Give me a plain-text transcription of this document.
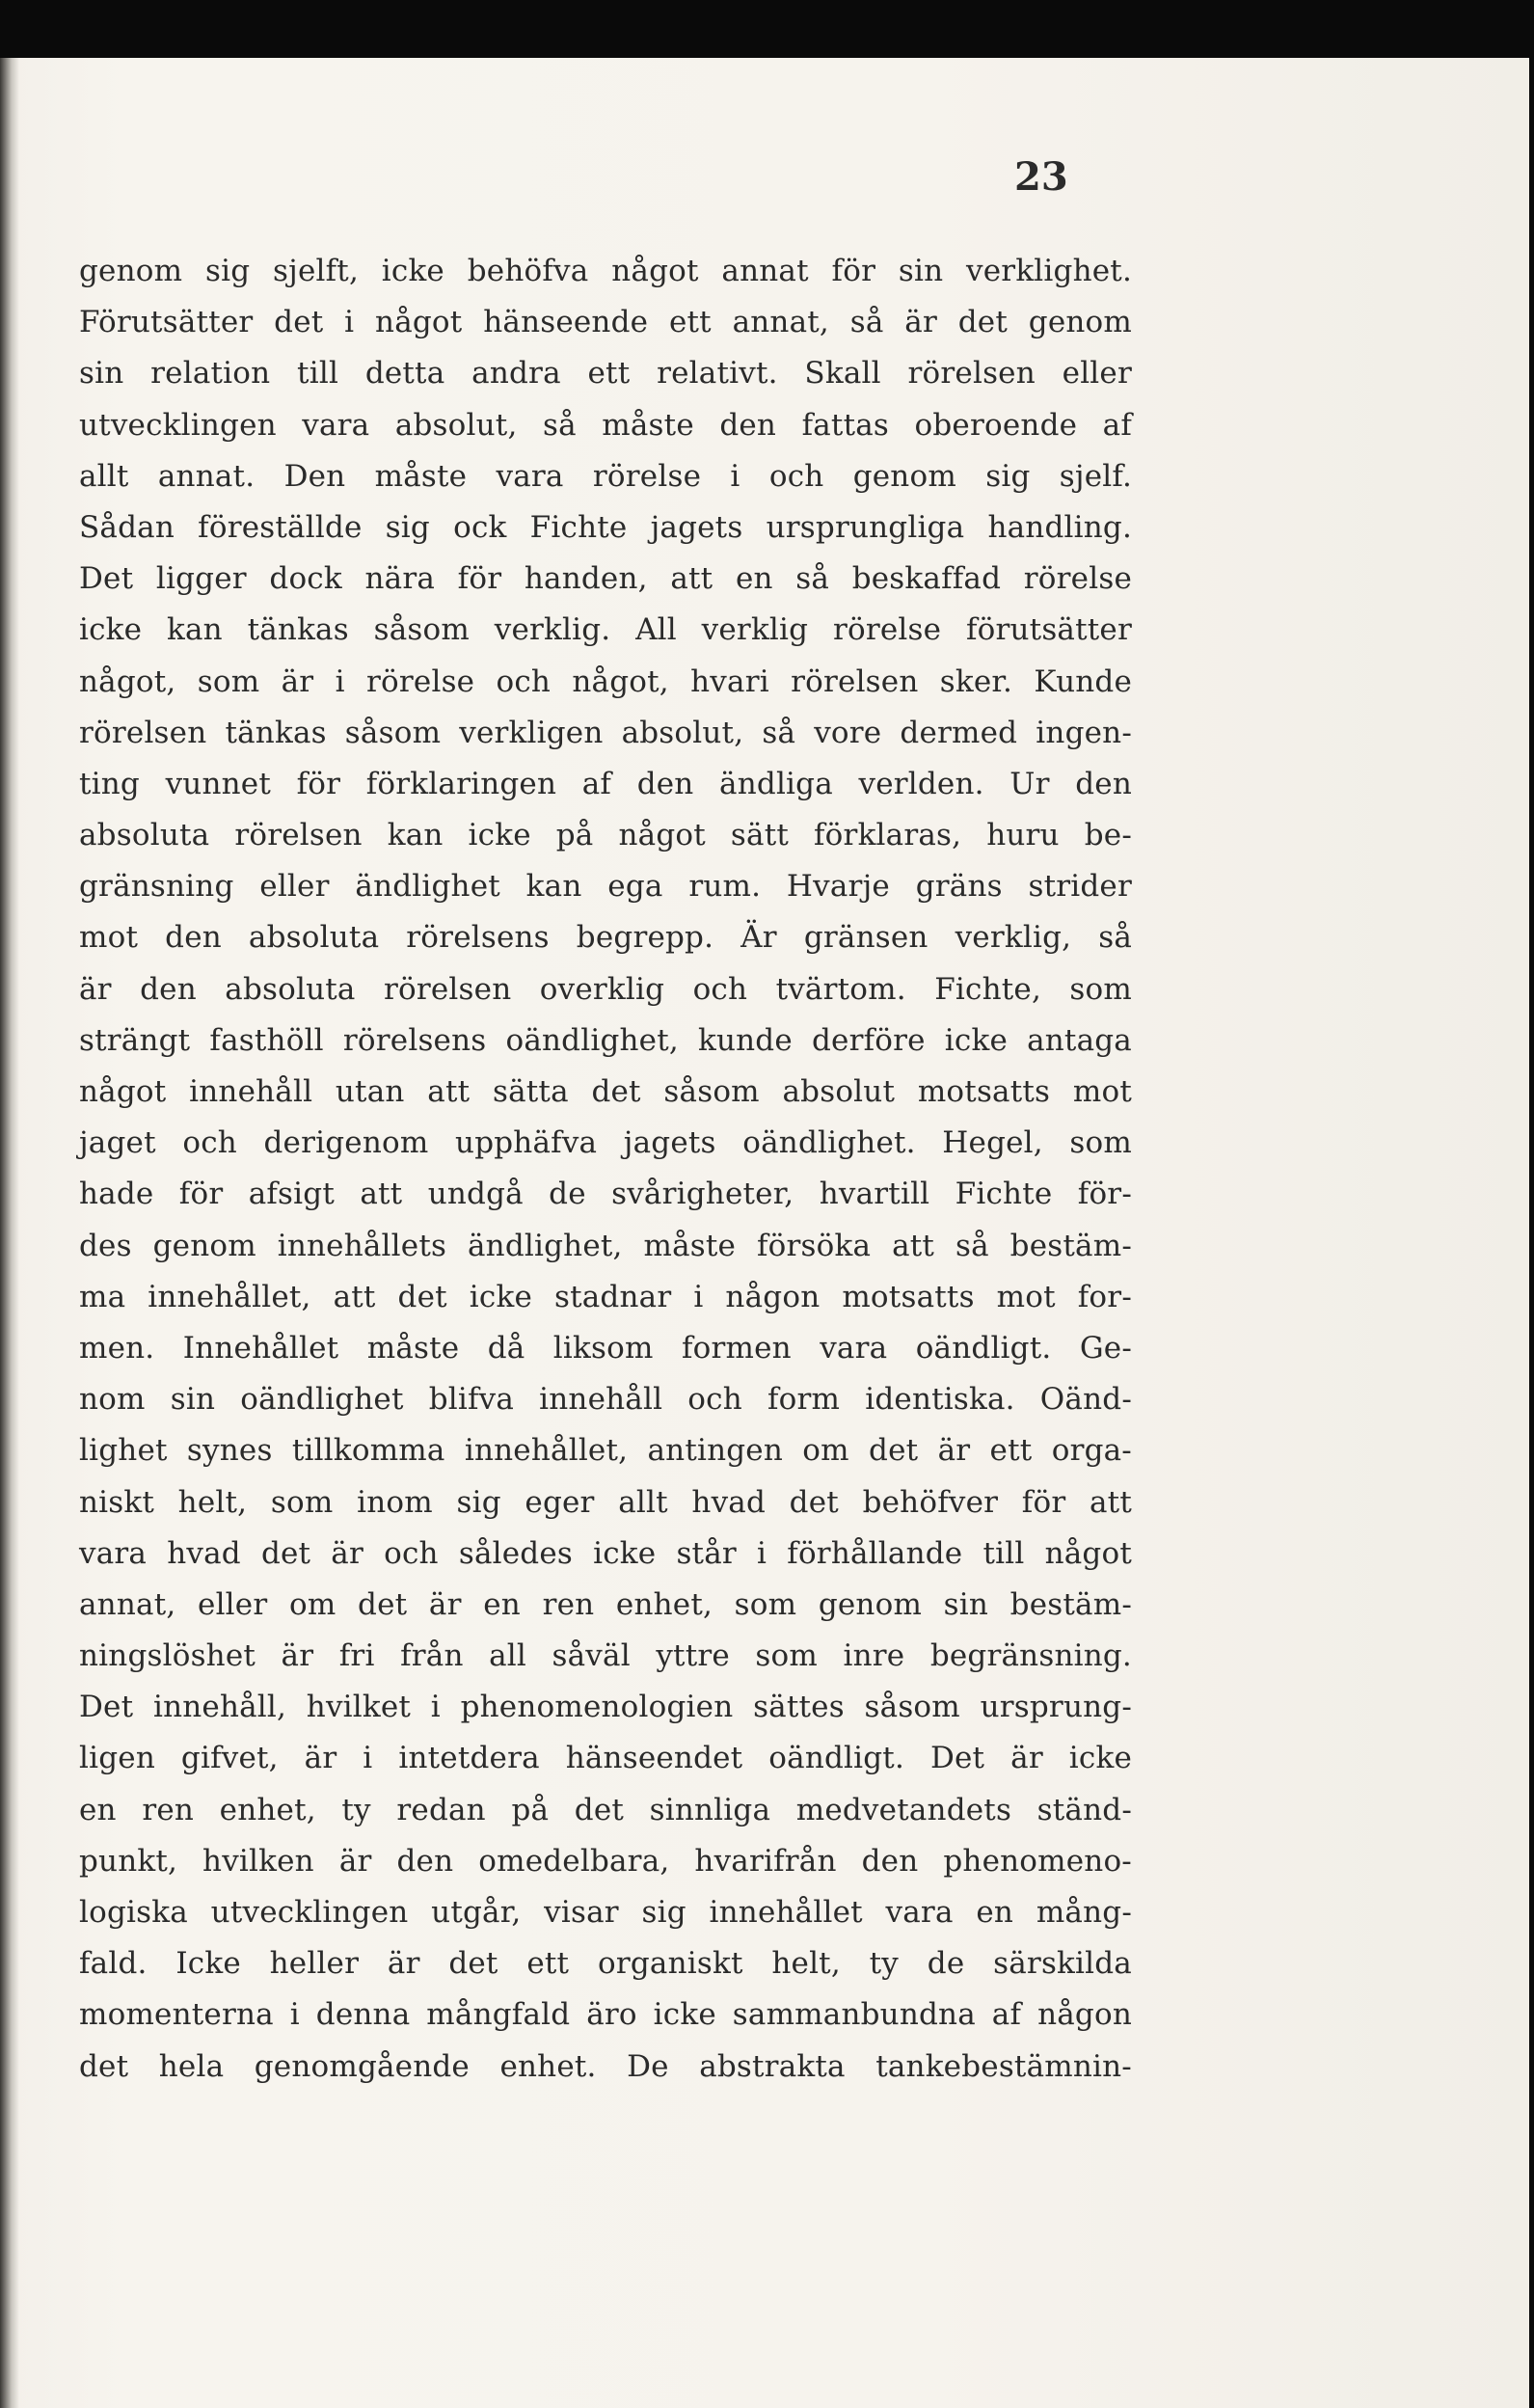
23
genom sig sjelft, icke behöfva något annat för sin verklighet.
Förutsätter det i något hänseende ett annat, så är det genom
sin relation till detta andra ett relativt. Skall rörelsen eller
utvecklingen vara absolut, så måste den fattas oberoende af
allt annat. Den måste vara rörelse i och genom sig sjelf.
Sådan föreställde sig ock Fichte jagets ursprungliga handling.
Det ligger dock nära för handen, att en så beskaffad rörelse
icke kan tänkas såsom verklig. All verklig rörelse förutsätter
något, som är i rörelse och något, hvari rörelsen sker. Kunde
rörelsen tänkas såsom verkligen absolut, så vore dermed ingen-
ting vunnet för förklaringen af den ändliga verlden. Ur den
absoluta rörelsen kan icke på något sätt förklaras, huru be-
gränsning eller ändlighet kan ega rum. Hvarje gräns strider
mot den absoluta rörelsens begrepp. Är gränsen verklig, så
är den absoluta rörelsen overklig och tvärtom. Fichte, som
strängt fasthöll rörelsens oändlighet, kunde derföre icke antaga
något innehåll utan att sätta det såsom absolut motsatts mot
jaget och derigenom upphäfva jagets oändlighet. Hegel, som
hade för afsigt att undgå de svårigheter, hvartill Fichte för-
des genom innehållets ändlighet, måste försöka att så bestäm-
ma innehållet, att det icke stadnar i någon motsatts mot for-
men. Innehållet måste då liksom formen vara oändligt. Ge-
nom sin oändlighet blifva innehåll och form identiska. Oänd-
lighet synes tillkomma innehållet, antingen om det är ett orga-
niskt helt, som inom sig eger allt hvad det behöfver för att
vara hvad det är och således icke står i förhållande till något
annat, eller om det är en ren enhet, som genom sin bestäm-
ningslöshet är fri från all såväl yttre som inre begränsning.
Det innehåll, hvilket i phenomenologien sättes såsom ursprung-
ligen gifvet, är i intetdera hänseendet oändligt. Det är icke
en ren enhet, ty redan på det sinnliga medvetandets ständ-
punkt, hvilken är den omedelbara, hvarifrån den phenomeno-
logiska utvecklingen utgår, visar sig innehållet vara en mång-
fald. Icke heller är det ett organiskt helt, ty de särskilda
momenterna i denna mångfald äro icke sammanbundna af någon
det hela genomgående enhet. De abstrakta tankebestämnin-
